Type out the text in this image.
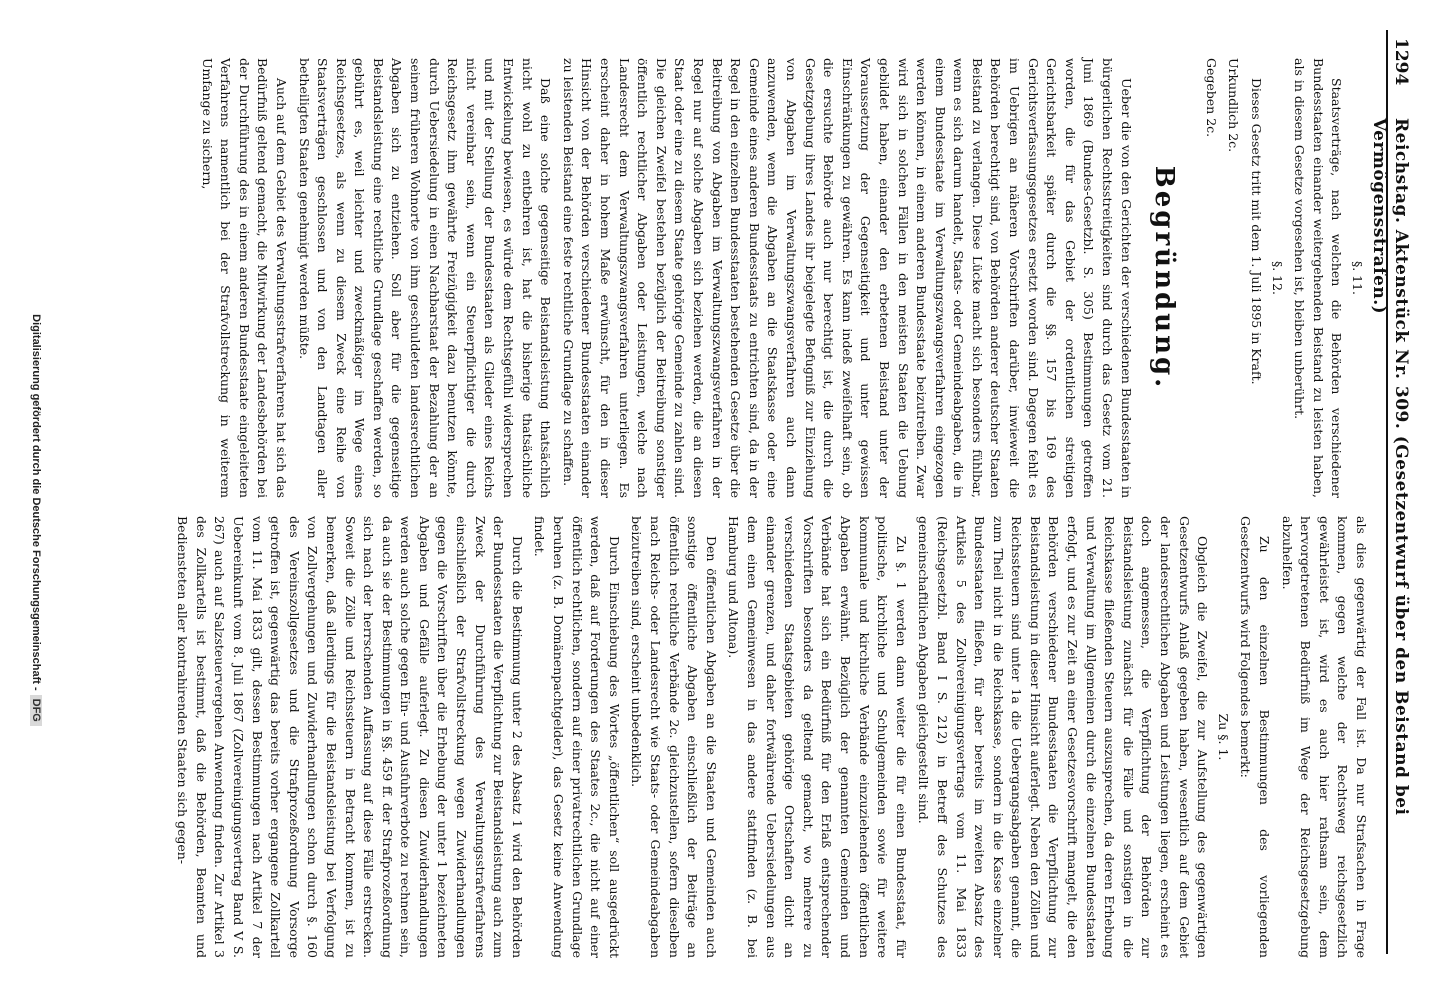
1294
Reichstag. Aktenstück Nr. 309. (Gesetzentwurf über den Beistand bei Vermögensstrafen.)

§. 11.

Staatsverträge, nach welchen die Behörden verschiedener Bundesstaaten einander weitergehenden Beistand zu leisten haben, als in diesem Gesetze vorgesehen ist, bleiben unberührt.

§. 12.

Dieses Gesetz tritt mit dem 1. Juli 1895 in Kraft.

Urkundlich 2c.

Gegeben 2c.

Begründung.

Ueber die von den Gerichten der verschiedenen Bundesstaaten in bürgerlichen Rechtsstreitigkeiten sind durch das Gesetz vom 21. Juni 1869 (Bundes-Gesetzbl. S. 305) Bestimmungen getroffen worden, die für das Gebiet der ordentlichen streitigen Gerichtsbarkeit später durch die §§. 157 bis 169 des Gerichtsverfassungsgesetzes ersetzt worden sind. Dagegen fehlt es im Uebrigen an näheren Vorschriften darüber, inwieweit die Behörden berechtigt sind, von Behörden anderer deutscher Staaten Beistand zu verlangen. Diese Lücke macht sich besonders fühlbar, wenn es sich darum handelt, Staats- oder Gemeindeabgaben, die in einem Bundesstaate im Verwaltungszwangsverfahren eingezogen werden können, in einem anderen Bundesstaate beizutreiben. Zwar wird sich in solchen Fällen in den meisten Staaten die Uebung gebildet haben, einander den erbetenen Beistand unter der Voraussetzung der Gegenseitigkeit und unter gewissen Einschränkungen zu gewähren. Es kann indeß zweifelhaft sein, ob die ersuchte Behörde auch nur berechtigt ist, die durch die Gesetzgebung ihres Landes ihr beigelegte Befugniß zur Einziehung von Abgaben im Verwaltungszwangsverfahren auch dann anzuwenden, wenn die Abgaben an die Staatskasse oder eine Gemeinde eines anderen Bundesstaats zu entrichten sind, da in der Regel in den einzelnen Bundesstaaten bestehenden Gesetze über die Beitreibung von Abgaben im Verwaltungszwangsverfahren in der Regel nur auf solche Abgaben sich beziehen werden, die an diesen Staat oder eine zu diesem Staate gehörige Gemeinde zu zahlen sind. Die gleichen Zweifel bestehen bezüglich der Beitreibung sonstiger öffentlich rechtlicher Abgaben oder Leistungen, welche nach Landesrecht dem Verwaltungszwangsverfahren unterliegen. Es erscheint daher in hohem Maße erwünscht, für den in dieser Hinsicht von der Behörden verschiedener Bundesstaaten einander zu leistenden Beistand eine feste rechtliche Grundlage zu schaffen.

Daß eine solche gegenseitige Beistandsleistung thatsächlich nicht wohl zu entbehren ist, hat die bisherige thatsächliche Entwickelung bewiesen, es würde dem Rechtsgefühl widersprechen und mit der Stellung der Bundesstaaten als Glieder eines Reichs nicht vereinbar sein, wenn ein Steuerpflichtiger die durch Reichsgesetz ihm gewährte Freizügigkeit dazu benutzen könnte, durch Uebersiedelung in einen Nachbarstaat der Bezahlung der an seinem früheren Wohnorte von ihm geschuldeten landesrechtlichen Abgaben sich zu entziehen. Soll aber für die gegenseitige Beistandsleistung eine rechtliche Grundlage geschaffen werden, so gebührt es, weil leichter und zweckmäßiger im Wege eines Reichsgesetzes, als wenn zu diesem Zweck eine Reihe von Staatsverträgen geschlossen und von den Landtagen aller betheiligten Staaten genehmigt werden müßte.

Auch auf dem Gebiet des Verwaltungsstrafverfahrens hat sich das Bedürfniß geltend gemacht, die Mitwirkung der Landesbehörden bei der Durchführung des in einem anderen Bundesstaate eingeleiteten Verfahrens namentlich bei der Strafvollstreckung in weiterem Umfange zu sichern,

als dies gegenwärtig der Fall ist. Da nur Strafsachen in Frage kommen, gegen welche der Rechtsweg reichsgesetzlich gewährleistet ist, wird es auch hier rathsam sein, dem hervorgetretenen Bedürfniß im Wege der Reichsgesetzgebung abzuhelfen.

Zu den einzelnen Bestimmungen des vorliegenden Gesetzentwurfs wird Folgendes bemerkt:

Zu §. 1.

Obgleich die Zweifel, die zur Aufstellung des gegenwärtigen Gesetzentwurfs Anlaß gegeben haben, wesentlich auf dem Gebiet der landesrechtlichen Abgaben und Leistungen liegen, erscheint es doch angemessen, die Verpflichtung der Behörden zur Beistandsleistung zunächst für die Fälle und sonstigen in die Reichskasse fließenden Steuern auszusprechen, da deren Erhebung und Verwaltung im Allgemeinen durch die einzelnen Bundesstaaten erfolgt, und es zur Zeit an einer Gesetzesvorschrift mangelt, die den Behörden verschiedener Bundesstaaten die Verpflichtung zur Beistandsleistung in dieser Hinsicht auferlegt. Neben den Zöllen und Reichssteuern sind unter 1a die Uebergangsabgaben genannt, die zum Theil nicht in die Reichskasse, sondern in die Kasse einzelner Bundesstaaten fließen, für aber bereits im zweiten Absatz des Artikels 5 des Zollvereinigungsvertrags vom 11. Mai 1833 (Reichsgesetzbl. Band I S. 212) in Betreff des Schutzes des gemeinschaftlichen Abgaben gleichgestellt sind.

Zu §. 1 werden dann weiter die für einen Bundesstaat, für politische, kirchliche und Schulgemeinden sowie für weitere kommunale und kirchliche Verbände einzuziehenden öffentlichen Abgaben erwähnt. Bezüglich der genannten Gemeinden und Verbände hat sich ein Bedürfniß für den Erlaß entsprechender Vorschriften besonders da geltend gemacht, wo mehrere zu verschiedenen Staatsgebieten gehörige Ortschaften dicht an einander grenzen, und daher fortwährende Uebersiedelungen aus dem einen Gemeinwesen in das andere stattfinden (z. B. bei Hamburg und Altona).

Den öffentlichen Abgaben an die Staaten und Gemeinden auch sonstige öffentliche Abgaben einschließlich der Beiträge an öffentlich rechtliche Verbände 2c. gleichzustellen, sofern dieselben nach Reichs- oder Landesrecht wie Staats- oder Gemeindeabgaben beizutreiben sind, erscheint unbedenklich.

Durch Einschiebung des Wortes „öffentlichen“ soll ausgedrückt werden, daß auf Forderungen des Staates 2c., die nicht auf einer öffentlich rechtlichen, sondern auf einer privatrechtlichen Grundlage beruhen (z. B. Domänenpachtgelder), das Gesetz keine Anwendung findet.

Durch die Bestimmung unter 2 des Absatz 1 wird den Behörden der Bundesstaaten die Verpflichtung zur Beistandsleistung auch zum Zweck der Durchführung des Verwaltungsstrafverfahrens einschließlich der Strafvollstreckung wegen Zuwiderhandlungen gegen die Vorschriften über die Erhebung der unter 1 bezeichneten Abgaben und Gefälle auferlegt. Zu diesen Zuwiderhandlungen werden auch solche gegen Ein- und Ausfuhrverbote zu rechnen sein, da auch sie der Bestimmungen in §§. 459 ff. der Strafprozeßordnung sich nach der herrschenden Auffassung auf diese Fälle erstrecken. Soweit die Zölle und Reichssteuern in Betracht kommen, ist zu bemerken, daß allerdings für die Beistandsleistung bei Verfolgung von Zollvergehungen und Zuwiderhandlungen schon durch §. 160 des Vereinszollgesetzes und die Strafprozeßordnung Vorsorge getroffen ist, gegenwärtig das bereits vorher ergangene Zollkartell vom 11. Mai 1833 gilt, dessen Bestimmungen nach Artikel 7 der Uebereinkunft vom 8. Juli 1867 (Zollvereinigungsvertrag Band V S. 267) auch auf Salzsteuervergehen Anwendung finden. Zur Artikel 3 des Zollkartells ist bestimmt, daß die Behörden, Beamten und Bediensteten aller kontrahirenden Staaten sich gegen-

Digitalisierung gefördert durch die Deutsche Forschungsgemeinschaft -DFG
